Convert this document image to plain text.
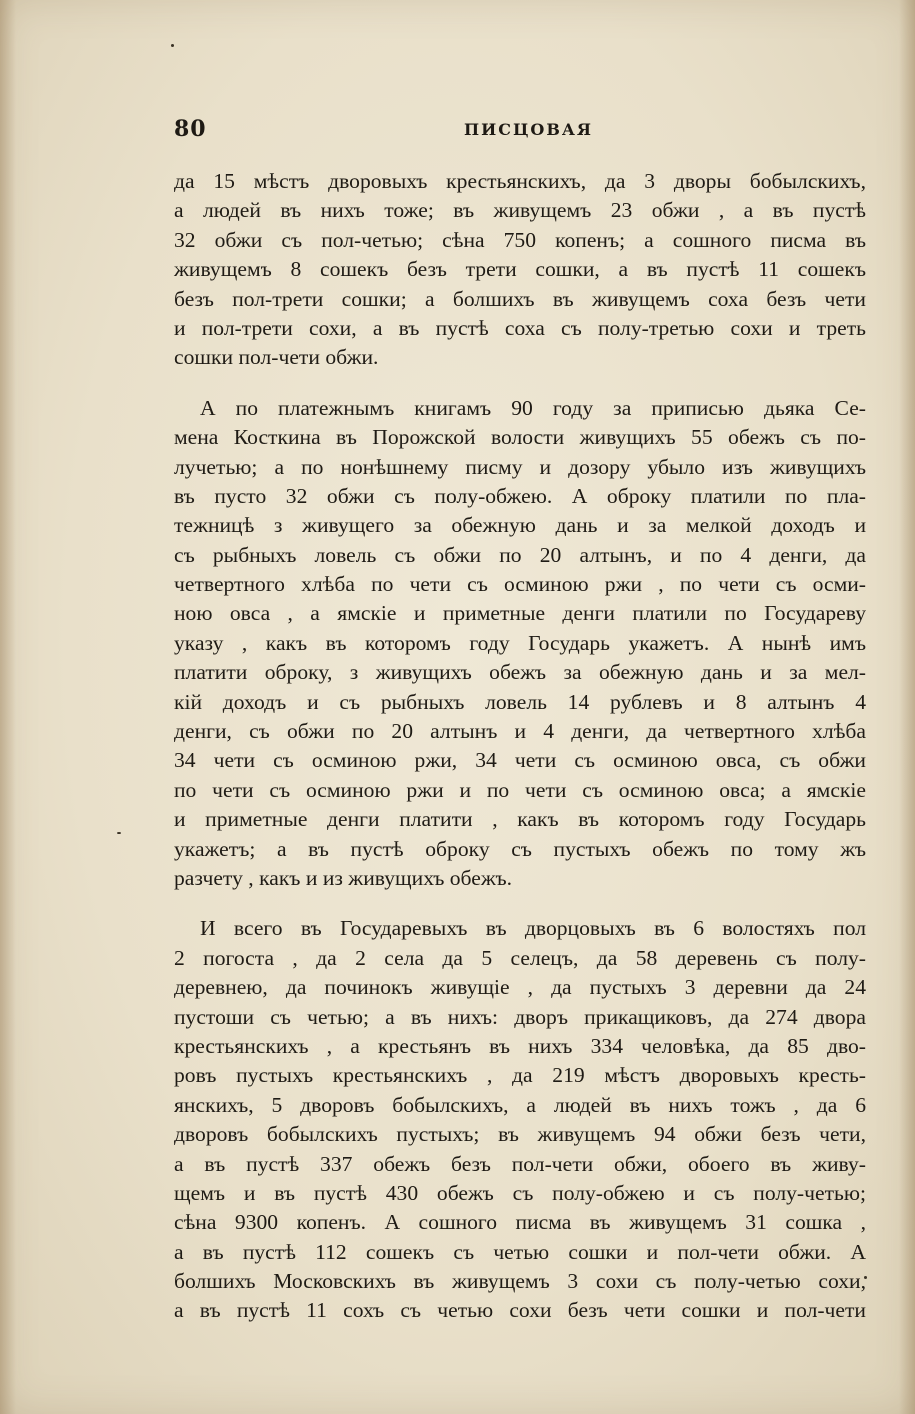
80	ПИСЦОВАЯ
да 15 мѣстъ дворовыхъ крестьянскихъ, да 3 дворы бобылскихъ,
а людей въ нихъ тоже; въ живущемъ 23 обжи , а въ пустѣ
32 обжи съ пол-четью; сѣна 750 копенъ; а сошного писма въ
живущемъ 8 сошекъ безъ трети сошки, а въ пустѣ 11 сошекъ
безъ пол-трети сошки; а болшихъ въ живущемъ соха безъ чети
и пол-трети сохи, а въ пустѣ соха съ полу-третью сохи и треть
сошки пол-чети обжи.
А по платежнымъ книгамъ 90 году за приписью дьяка Се-
мена Косткина въ Порожской волости живущихъ 55 обежъ съ по-
лучетью; а по нонѣшнему писму и дозору убыло изъ живущихъ
въ пусто 32 обжи съ полу-обжею. А оброку платили по пла-
тежницѣ з живущего за обежную дань и за мелкой доходъ и
съ рыбныхъ ловель съ обжи по 20 алтынъ, и по 4 денги, да
четвертного хлѣба по чети съ осминою ржи , по чети съ осми-
ною овса , а ямскіе и приметные денги платили по Государеву
указу , какъ въ которомъ году Государь укажетъ. А нынѣ имъ
платити оброку, з живущихъ обежъ за обежную дань и за мел-
кій доходъ и съ рыбныхъ ловель 14 рублевъ и 8 алтынъ 4
денги, съ обжи по 20 алтынъ и 4 денги, да четвертного хлѣба
34 чети съ осминою ржи, 34 чети съ осминою овса, съ обжи
по чети съ осминою ржи и по чети съ осминою овса; а ямскіе
и приметные денги платити , какъ въ которомъ году Государь
укажетъ; а въ пустѣ оброку съ пустыхъ обежъ по тому жъ
разчету , какъ и из живущихъ обежъ.
И всего въ Государевыхъ въ дворцовыхъ въ 6 волостяхъ пол
2 погоста , да 2 села да 5 селецъ, да 58 деревень съ полу-
деревнею, да починокъ живущіе , да пустыхъ 3 деревни да 24
пустоши съ четью; а въ нихъ: дворъ прикащиковъ, да 274 двора
крестьянскихъ , а крестьянъ въ нихъ 334 человѣка, да 85 дво-
ровъ пустыхъ крестьянскихъ , да 219 мѣстъ дворовыхъ кресть-
янскихъ, 5 дворовъ бобылскихъ, а людей въ нихъ тожъ , да 6
дворовъ бобылскихъ пустыхъ; въ живущемъ 94 обжи безъ чети,
а въ пустѣ 337 обежъ безъ пол-чети обжи, обоего въ живу-
щемъ и въ пустѣ 430 обежъ съ полу-обжею и съ полу-четью;
сѣна 9300 копенъ. А сошного писма въ живущемъ 31 сошка ,
а въ пустѣ 112 сошекъ съ четью сошки и пол-чети обжи. А
болшихъ Московскихъ въ живущемъ 3 сохи съ полу-четью сохи,
а въ пустѣ 11 сохъ съ четью сохи безъ чети сошки и пол-чети
